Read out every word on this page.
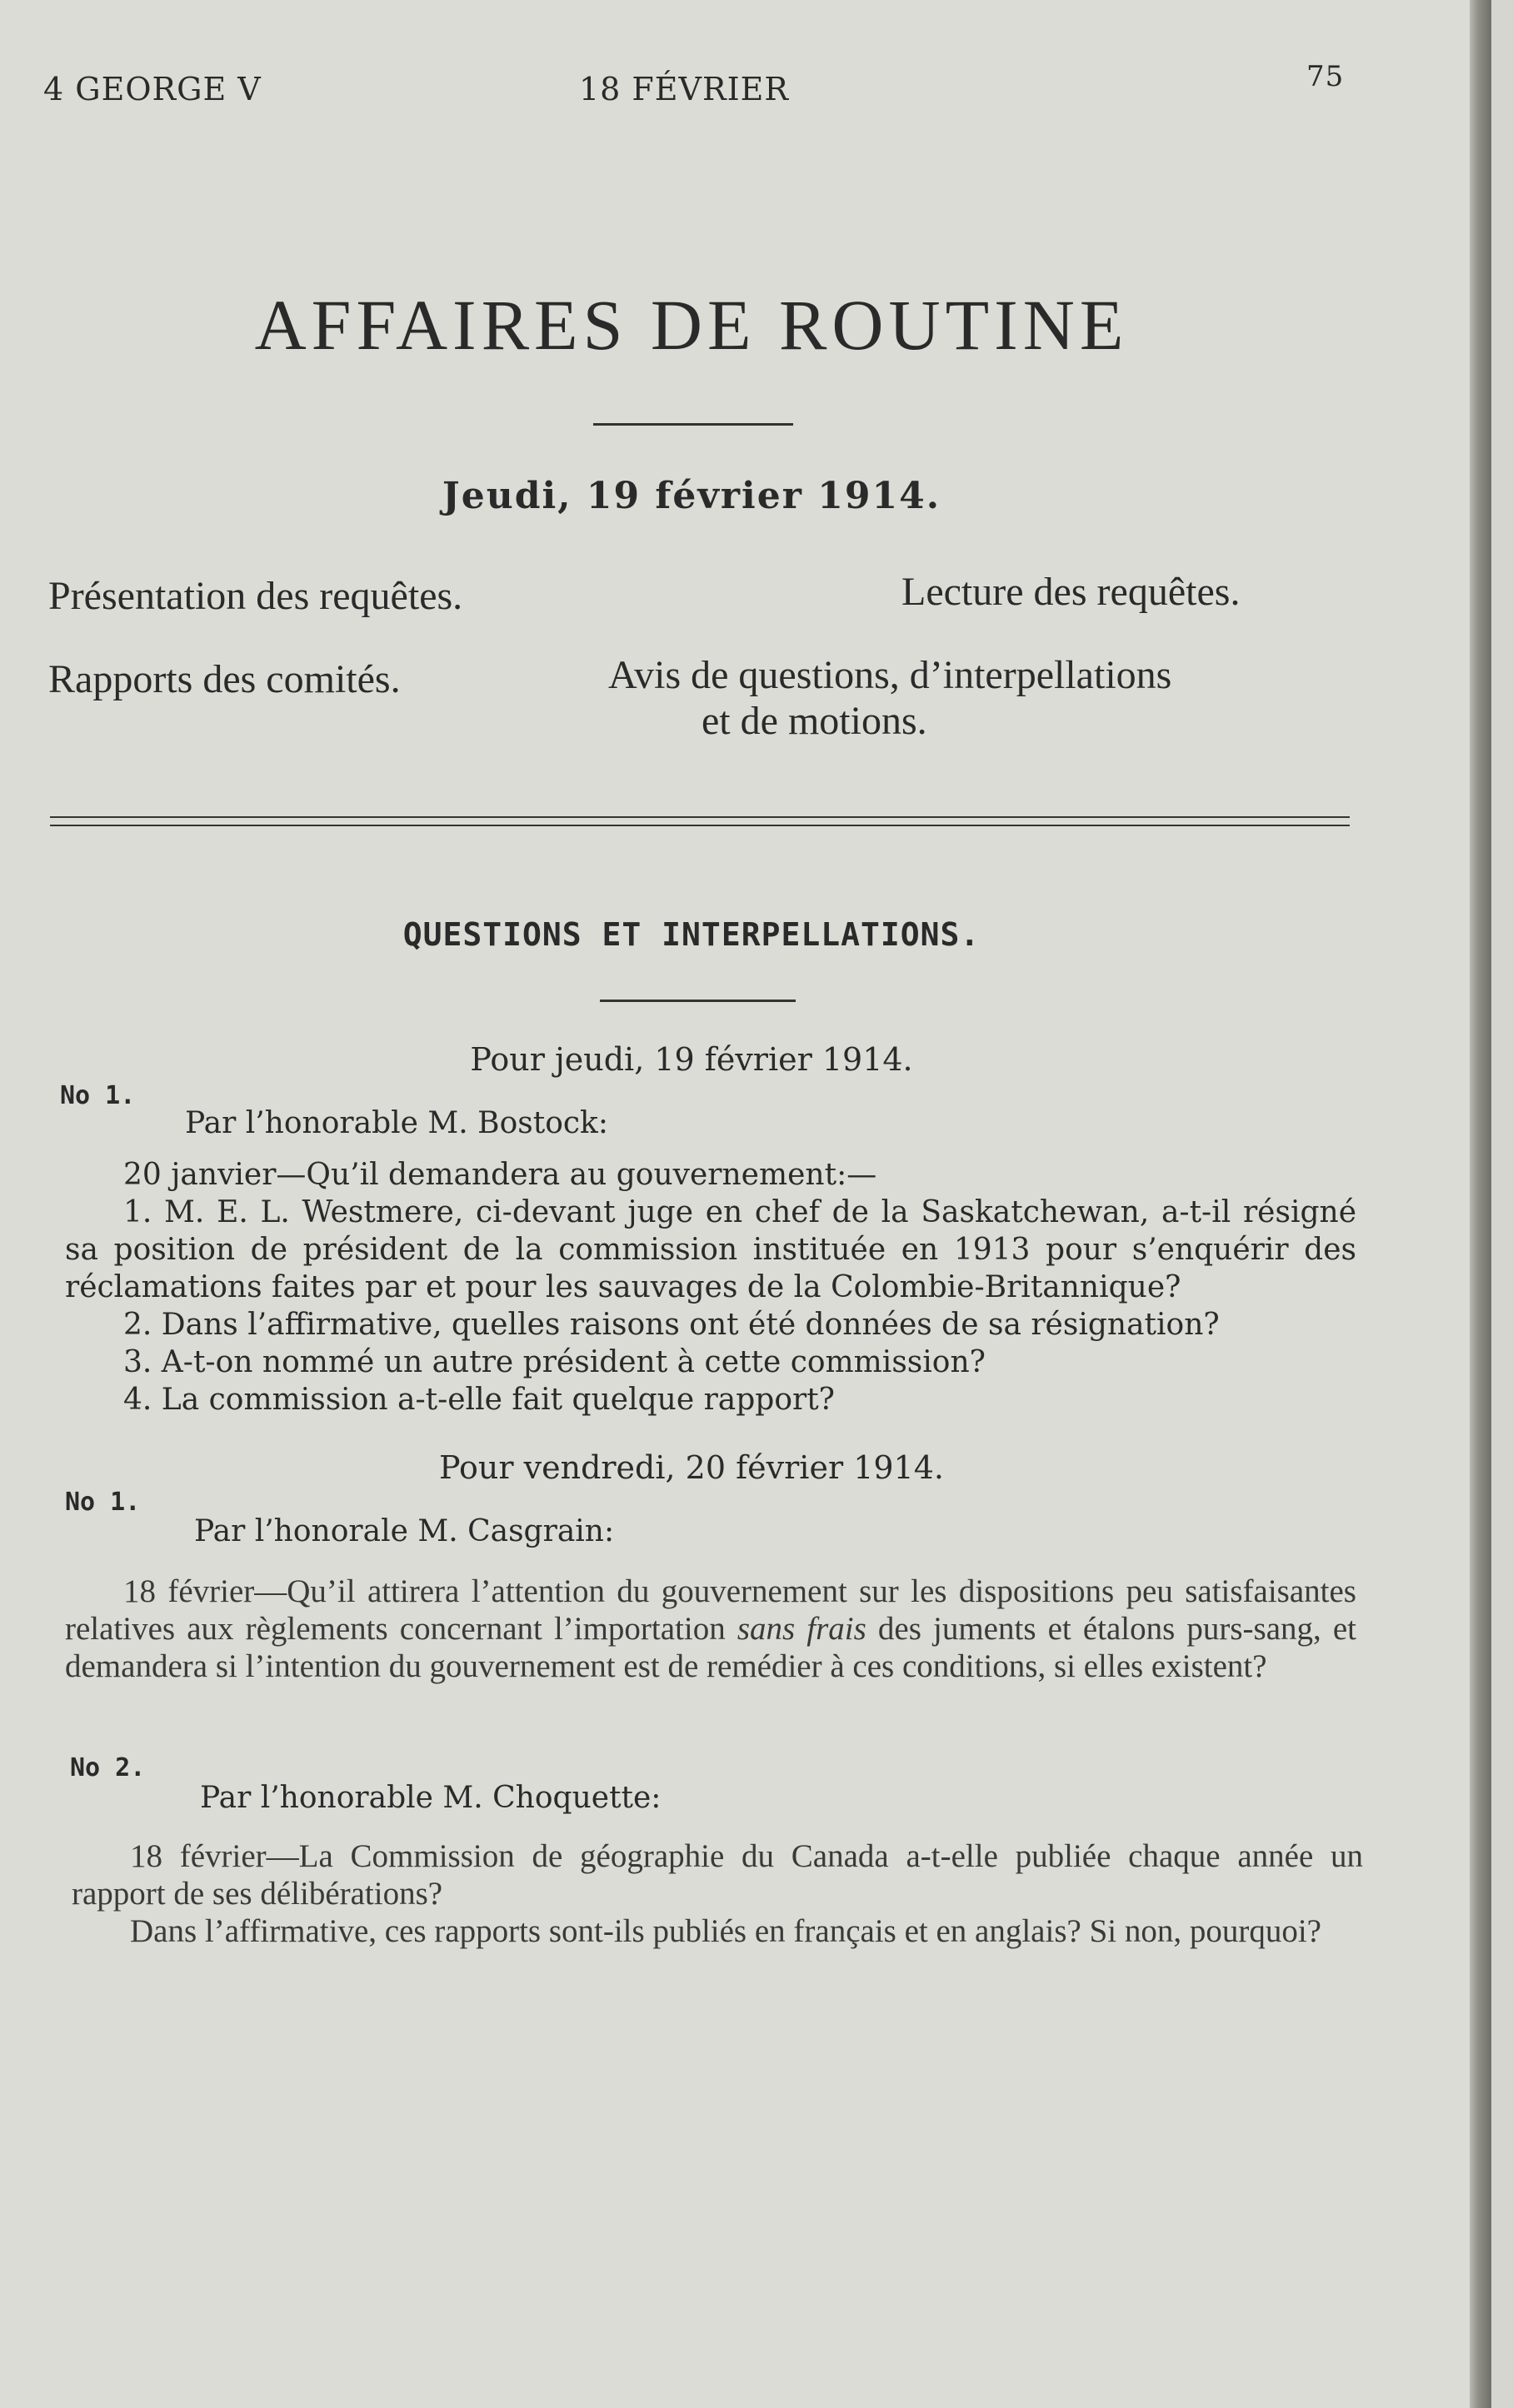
4 GEORGE V	18 FÉVRIER	75
AFFAIRES DE ROUTINE
Jeudi, 19 février 1914.
Présentation des requêtes.	Lecture des requêtes.
Rapports des comités.	Avis de questions, d’interpellations
et de motions.
QUESTIONS ET INTERPELLATIONS.
Pour jeudi, 19 février 1914.
No 1.
Par l’honorable M. Bostock:

20 janvier—Qu’il demandera au gouvernement:—

1. M. E. L. Westmere, ci-devant juge en chef de la Saskatchewan, a-t-il résigné sa position de président de la commission instituée en 1913 pour s’enquérir des réclamations faites par et pour les sauvages de la Colombie-Britannique?

2. Dans l’affirmative, quelles raisons ont été données de sa résignation?

3. A-t-on nommé un autre président à cette commission?

4. La commission a-t-elle fait quelque rapport?

Pour vendredi, 20 février 1914.
No 1.
Par l’honorale M. Casgrain:

18 février—Qu’il attirera l’attention du gouvernement sur les dispositions peu satisfaisantes relatives aux règlements concernant l’importation sans frais des juments et étalons purs-sang, et demandera si l’intention du gouvernement est de remédier à ces conditions, si elles existent?

No 2.
Par l’honorable M. Choquette:

18 février—La Commission de géographie du Canada a-t-elle publiée chaque année un rapport de ses délibérations?

Dans l’affirmative, ces rapports sont-ils publiés en français et en anglais? Si non, pourquoi?
